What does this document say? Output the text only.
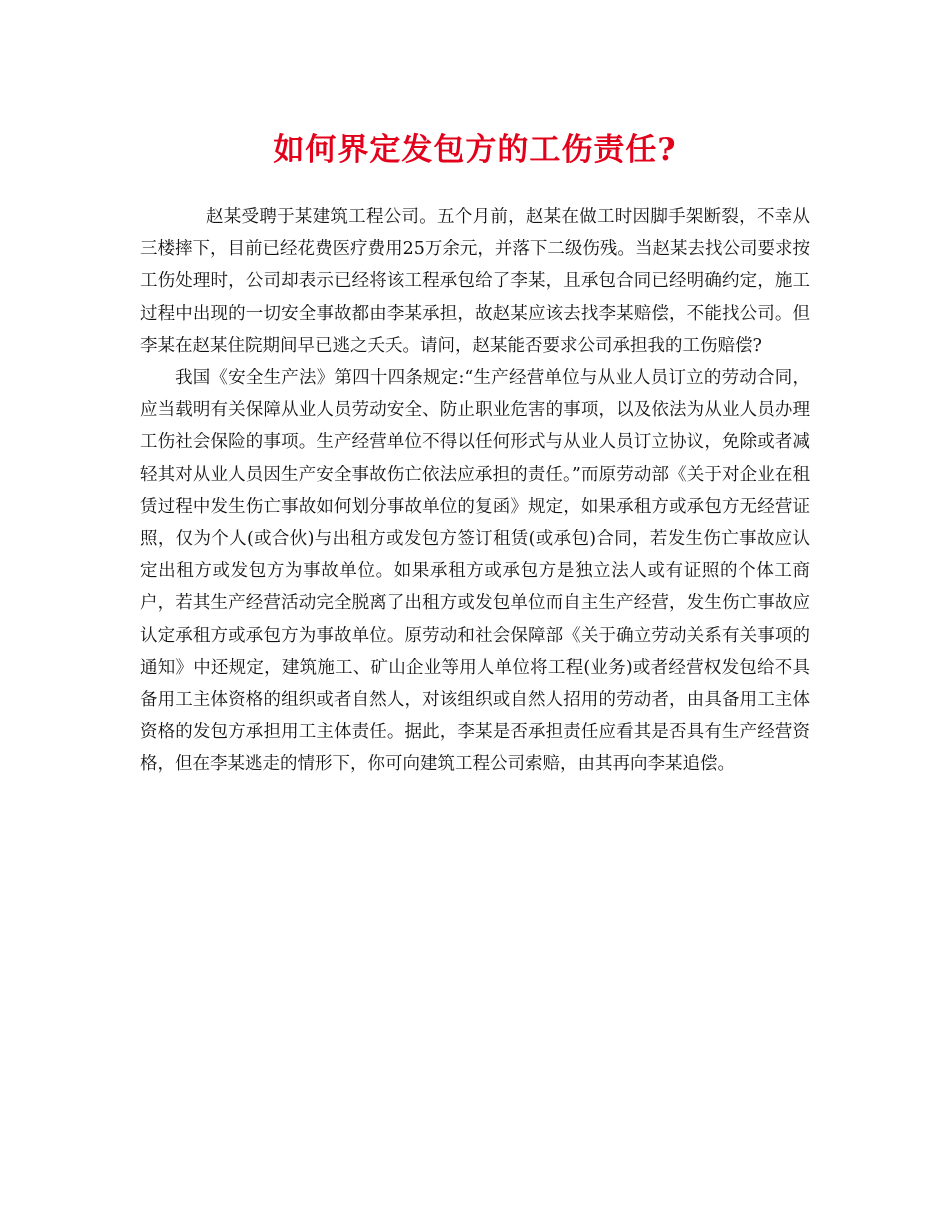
如何界定发包方的工伤责任?

赵某受聘于某建筑工程公司。五个月前，赵某在做工时因脚手架断裂，不幸从三楼摔下，目前已经花费医疗费用25万余元，并落下二级伤残。当赵某去找公司要求按工伤处理时，公司却表示已经将该工程承包给了李某，且承包合同已经明确约定，施工过程中出现的一切安全事故都由李某承担，故赵某应该去找李某赔偿，不能找公司。但李某在赵某住院期间早已逃之夭夭。请问，赵某能否要求公司承担我的工伤赔偿?

我国《安全生产法》第四十四条规定:“生产经营单位与从业人员订立的劳动合同，应当载明有关保障从业人员劳动安全、防止职业危害的事项，以及依法为从业人员办理工伤社会保险的事项。生产经营单位不得以任何形式与从业人员订立协议，免除或者减轻其对从业人员因生产安全事故伤亡依法应承担的责任。”而原劳动部《关于对企业在租赁过程中发生伤亡事故如何划分事故单位的复函》规定，如果承租方或承包方无经营证照，仅为个人(或合伙)与出租方或发包方签订租赁(或承包)合同，若发生伤亡事故应认定出租方或发包方为事故单位。如果承租方或承包方是独立法人或有证照的个体工商户，若其生产经营活动完全脱离了出租方或发包单位而自主生产经营，发生伤亡事故应认定承租方或承包方为事故单位。原劳动和社会保障部《关于确立劳动关系有关事项的通知》中还规定，建筑施工、矿山企业等用人单位将工程(业务)或者经营权发包给不具备用工主体资格的组织或者自然人，对该组织或自然人招用的劳动者，由具备用工主体资格的发包方承担用工主体责任。据此，李某是否承担责任应看其是否具有生产经营资格，但在李某逃走的情形下，你可向建筑工程公司索赔，由其再向李某追偿。
